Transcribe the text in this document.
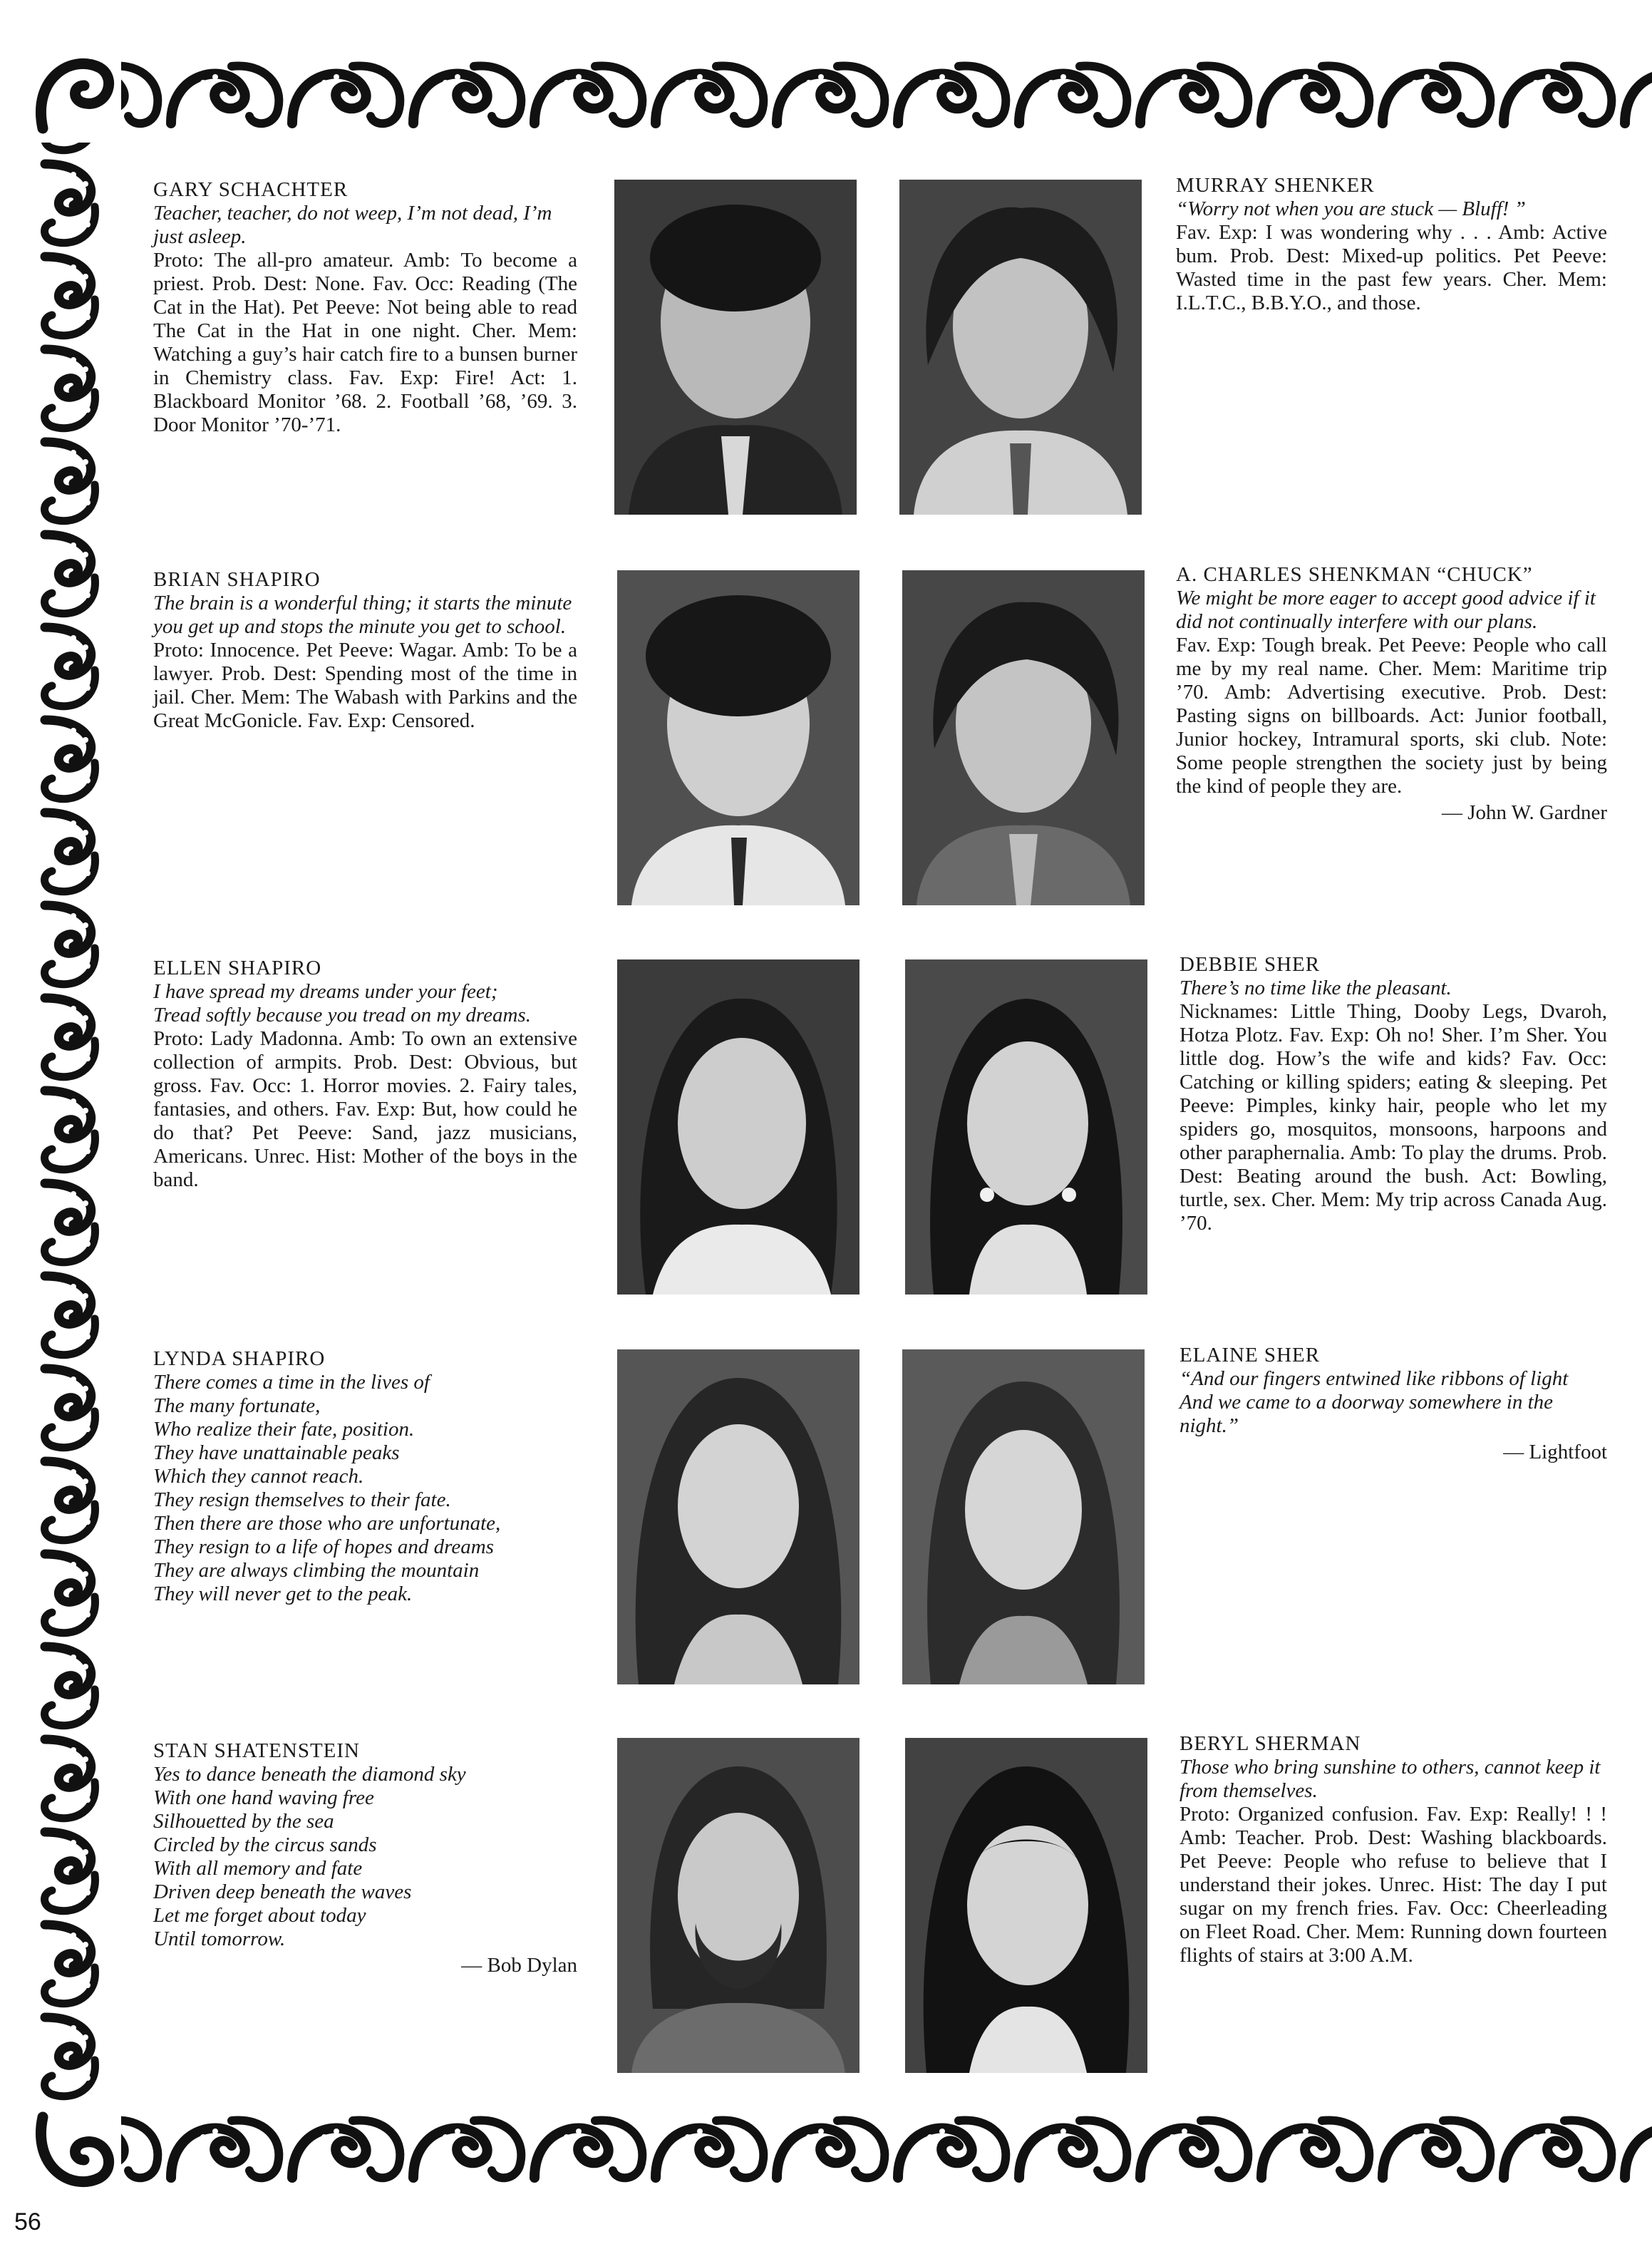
56
GARY SCHACHTER
Teacher, teacher, do not weep, I’m not dead, I’m just asleep.
Proto: The all-pro amateur. Amb: To become a priest. Prob. Dest: None. Fav. Occ: Reading (The Cat in the Hat). Pet Peeve: Not being able to read The Cat in the Hat in one night. Cher. Mem: Watching a guy’s hair catch fire to a bunsen burner in Chemistry class. Fav. Exp: Fire! Act: 1. Blackboard Monitor ’68. 2. Football ’68, ’69. 3. Door Monitor ’70-’71.
MURRAY SHENKER
“Worry not when you are stuck — Bluff! ”
Fav. Exp: I was wondering why . . . Amb: Active bum. Prob. Dest: Mixed-up politics. Pet Peeve: Wasted time in the past few years. Cher. Mem: I.L.T.C., B.B.Y.O., and those.
BRIAN SHAPIRO
The brain is a wonderful thing; it starts the minute you get up and stops the minute you get to school.
Proto: Innocence. Pet Peeve: Wagar. Amb: To be a lawyer. Prob. Dest: Spending most of the time in jail. Cher. Mem: The Wabash with Parkins and the Great McGonicle. Fav. Exp: Censored.
A. CHARLES SHENKMAN “CHUCK”
We might be more eager to accept good advice if it did not continually interfere with our plans.
Fav. Exp: Tough break. Pet Peeve: People who call me by my real name. Cher. Mem: Maritime trip ’70. Amb: Advertising executive. Prob. Dest: Pasting signs on billboards. Act: Junior football, Junior hockey, Intramural sports, ski club. Note: Some people strengthen the society just by being the kind of people they are.
— John W. Gardner
ELLEN SHAPIRO
I have spread my dreams under your feet;
Tread softly because you tread on my dreams.
Proto: Lady Madonna. Amb: To own an extensive collection of armpits. Prob. Dest: Obvious, but gross. Fav. Occ: 1. Horror movies. 2. Fairy tales, fantasies, and others. Fav. Exp: But, how could he do that? Pet Peeve: Sand, jazz musicians, Americans. Unrec. Hist: Mother of the boys in the band.
DEBBIE SHER
There’s no time like the pleasant.
Nicknames: Little Thing, Dooby Legs, Dvaroh, Hotza Plotz. Fav. Exp: Oh no! Sher. I’m Sher. You little dog. How’s the wife and kids? Fav. Occ: Catching or killing spiders; eating & sleeping. Pet Peeve: Pimples, kinky hair, people who let my spiders go, mosquitos, monsoons, harpoons and other paraphernalia. Amb: To play the drums. Prob. Dest: Beating around the bush. Act: Bowling, turtle, sex. Cher. Mem: My trip across Canada Aug. ’70.
LYNDA SHAPIRO
There comes a time in the lives of
The many fortunate,
Who realize their fate, position.
They have unattainable peaks
Which they cannot reach.
They resign themselves to their fate.
Then there are those who are unfortunate,
They resign to a life of hopes and dreams
They are always climbing the mountain
They will never get to the peak.
ELAINE SHER
“And our fingers entwined like ribbons of light
And we came to a doorway somewhere in the night.”
— Lightfoot
STAN SHATENSTEIN
Yes to dance beneath the diamond sky
With one hand waving free
Silhouetted by the sea
Circled by the circus sands
With all memory and fate
Driven deep beneath the waves
Let me forget about today
Until tomorrow.
— Bob Dylan
BERYL SHERMAN
Those who bring sunshine to others, cannot keep it from themselves.
Proto: Organized confusion. Fav. Exp: Really! ! ! Amb: Teacher. Prob. Dest: Washing blackboards. Pet Peeve: People who refuse to believe that I understand their jokes. Unrec. Hist: The day I put sugar on my french fries. Fav. Occ: Cheerleading on Fleet Road. Cher. Mem: Running down fourteen flights of stairs at 3:00 A.M.
